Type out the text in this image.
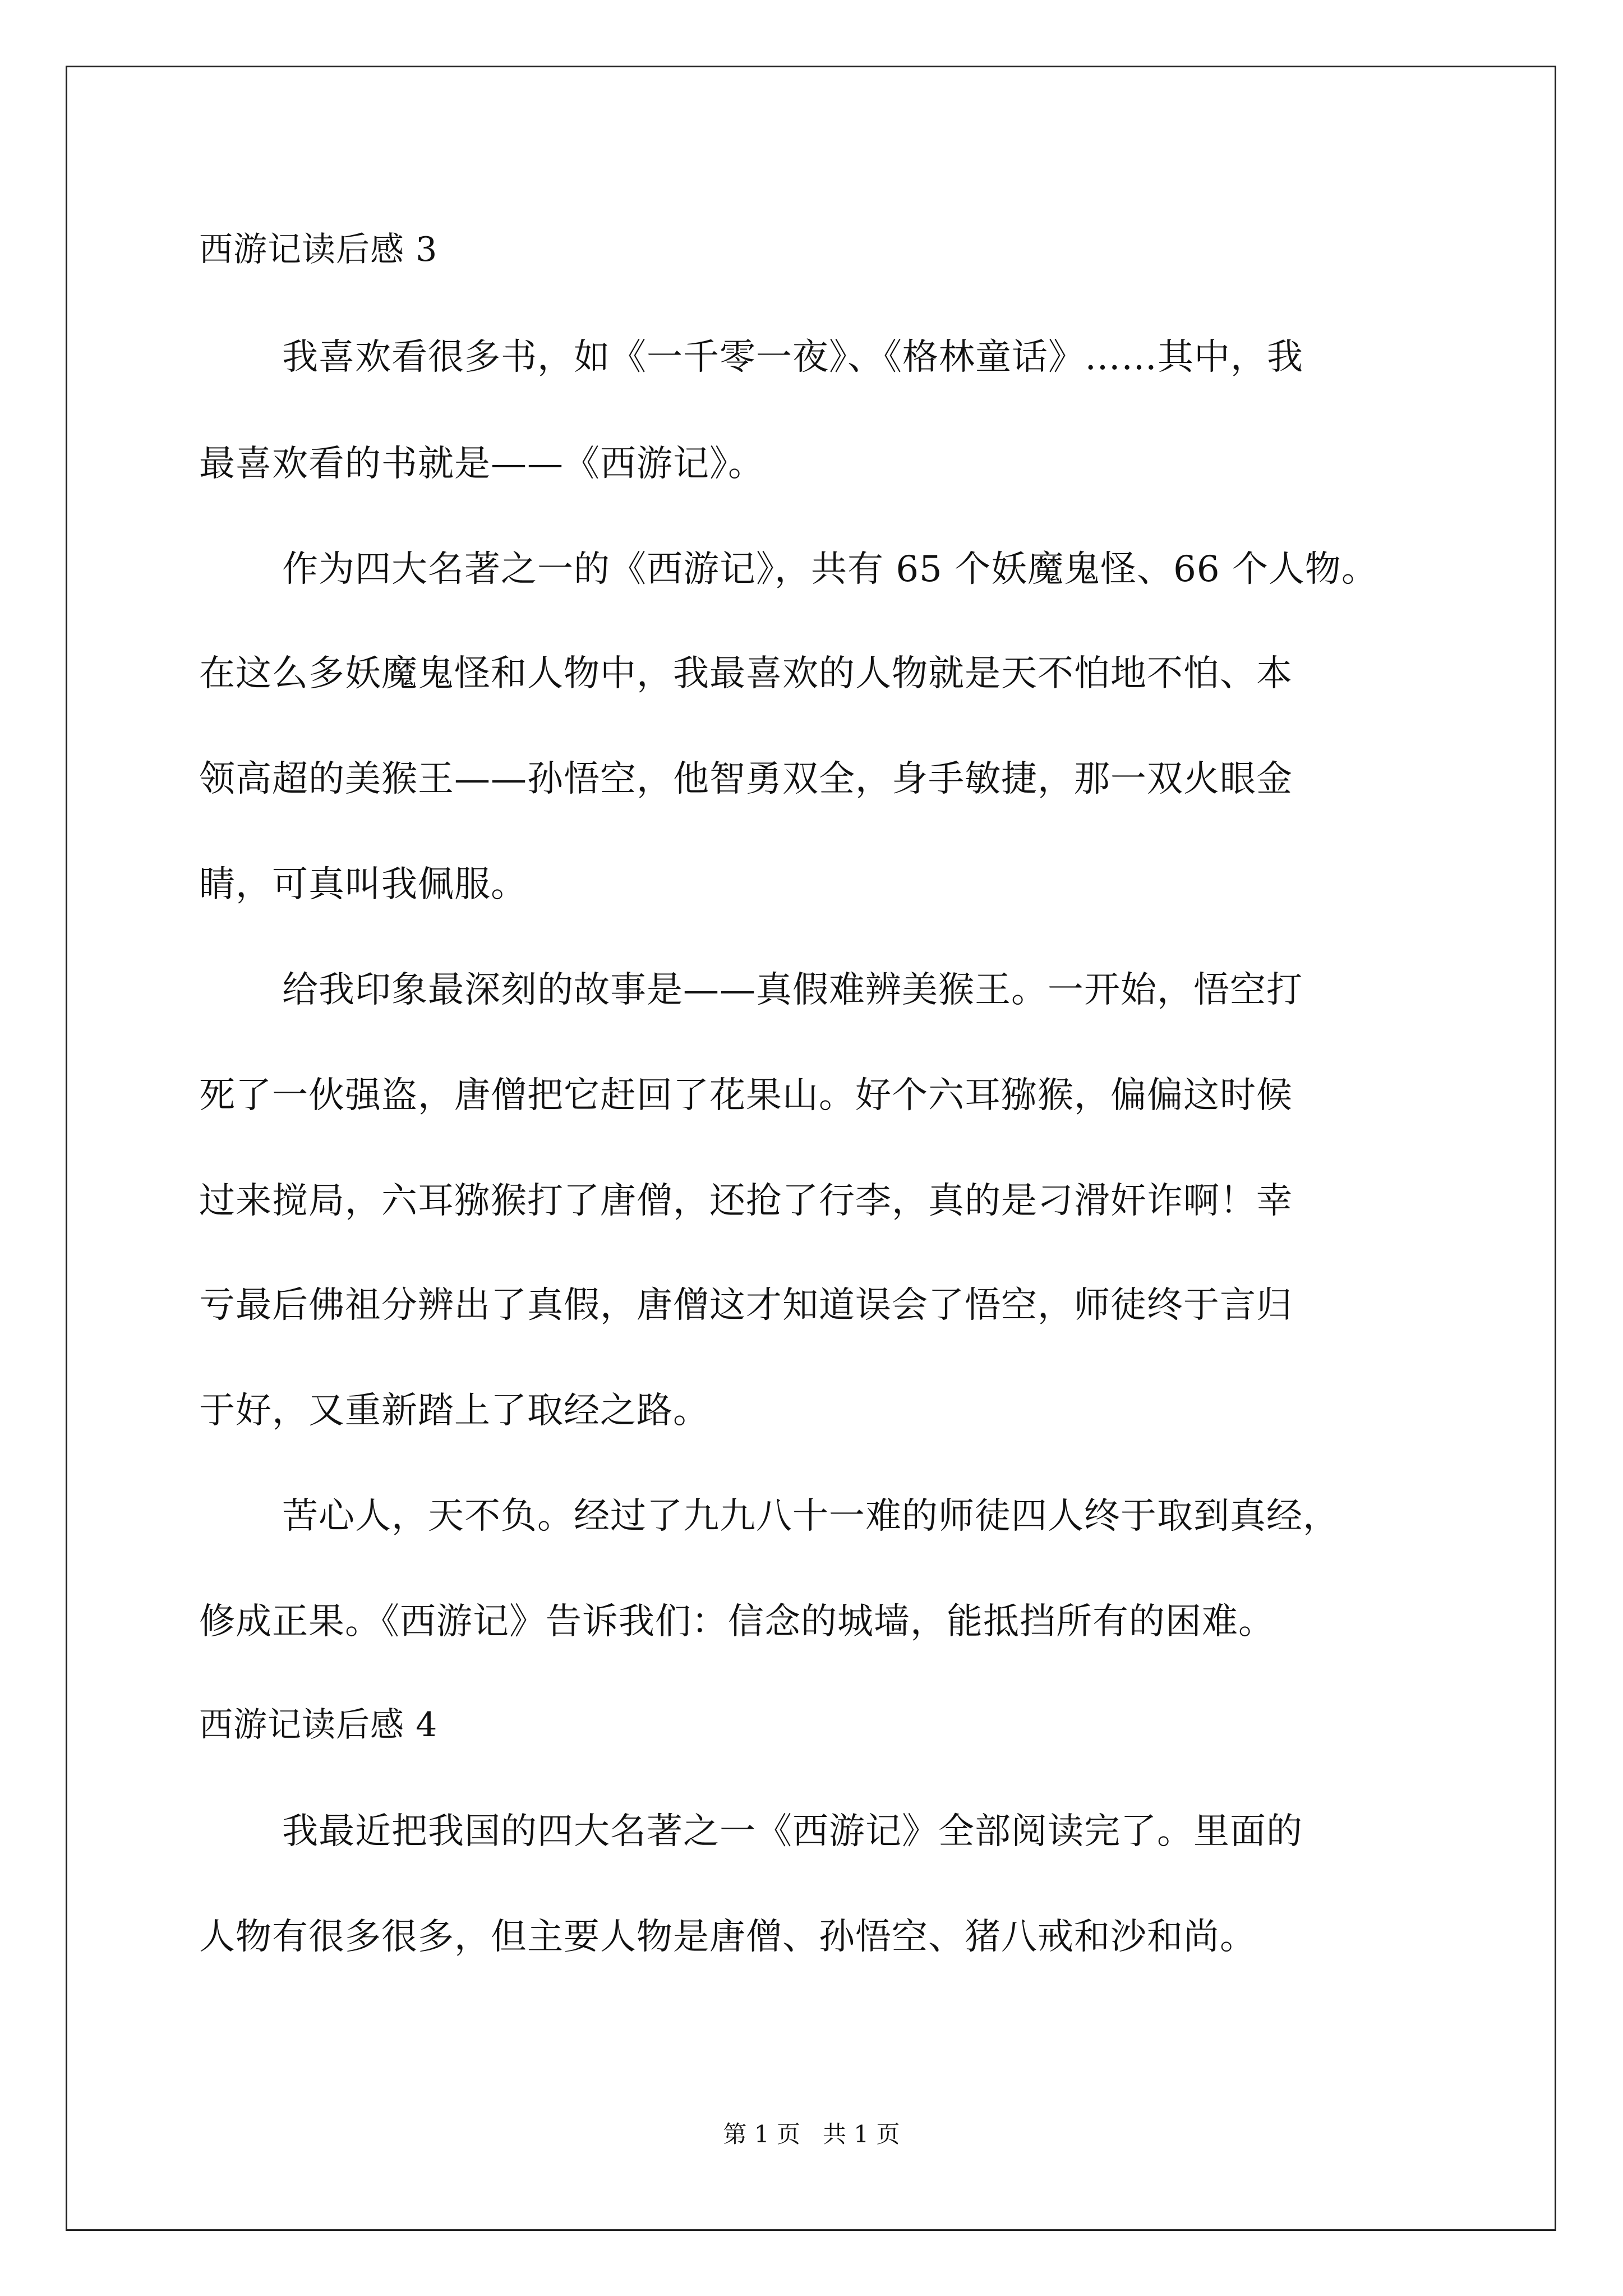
西游记读后感 3
我喜欢看很多书，如《一千零一夜》、《格林童话》……其中，我
最喜欢看的书就是——《西游记》。
作为四大名著之一的《西游记》，共有 65 个妖魔鬼怪、66 个人物。
在这么多妖魔鬼怪和人物中，我最喜欢的人物就是天不怕地不怕、本
领高超的美猴王——孙悟空，他智勇双全，身手敏捷，那一双火眼金
睛，可真叫我佩服。
给我印象最深刻的故事是——真假难辨美猴王。一开始，悟空打
死了一伙强盗，唐僧把它赶回了花果山。好个六耳猕猴，偏偏这时候
过来搅局，六耳猕猴打了唐僧，还抢了行李，真的是刁滑奸诈啊！幸
亏最后佛祖分辨出了真假，唐僧这才知道误会了悟空，师徒终于言归
于好，又重新踏上了取经之路。
苦心人，天不负。经过了九九八十一难的师徒四人终于取到真经，
修成正果。《西游记》告诉我们：信念的城墙，能抵挡所有的困难。
西游记读后感 4
我最近把我国的四大名著之一《西游记》全部阅读完了。里面的
人物有很多很多，但主要人物是唐僧、孙悟空、猪八戒和沙和尚。
第 1 页   共 1 页
